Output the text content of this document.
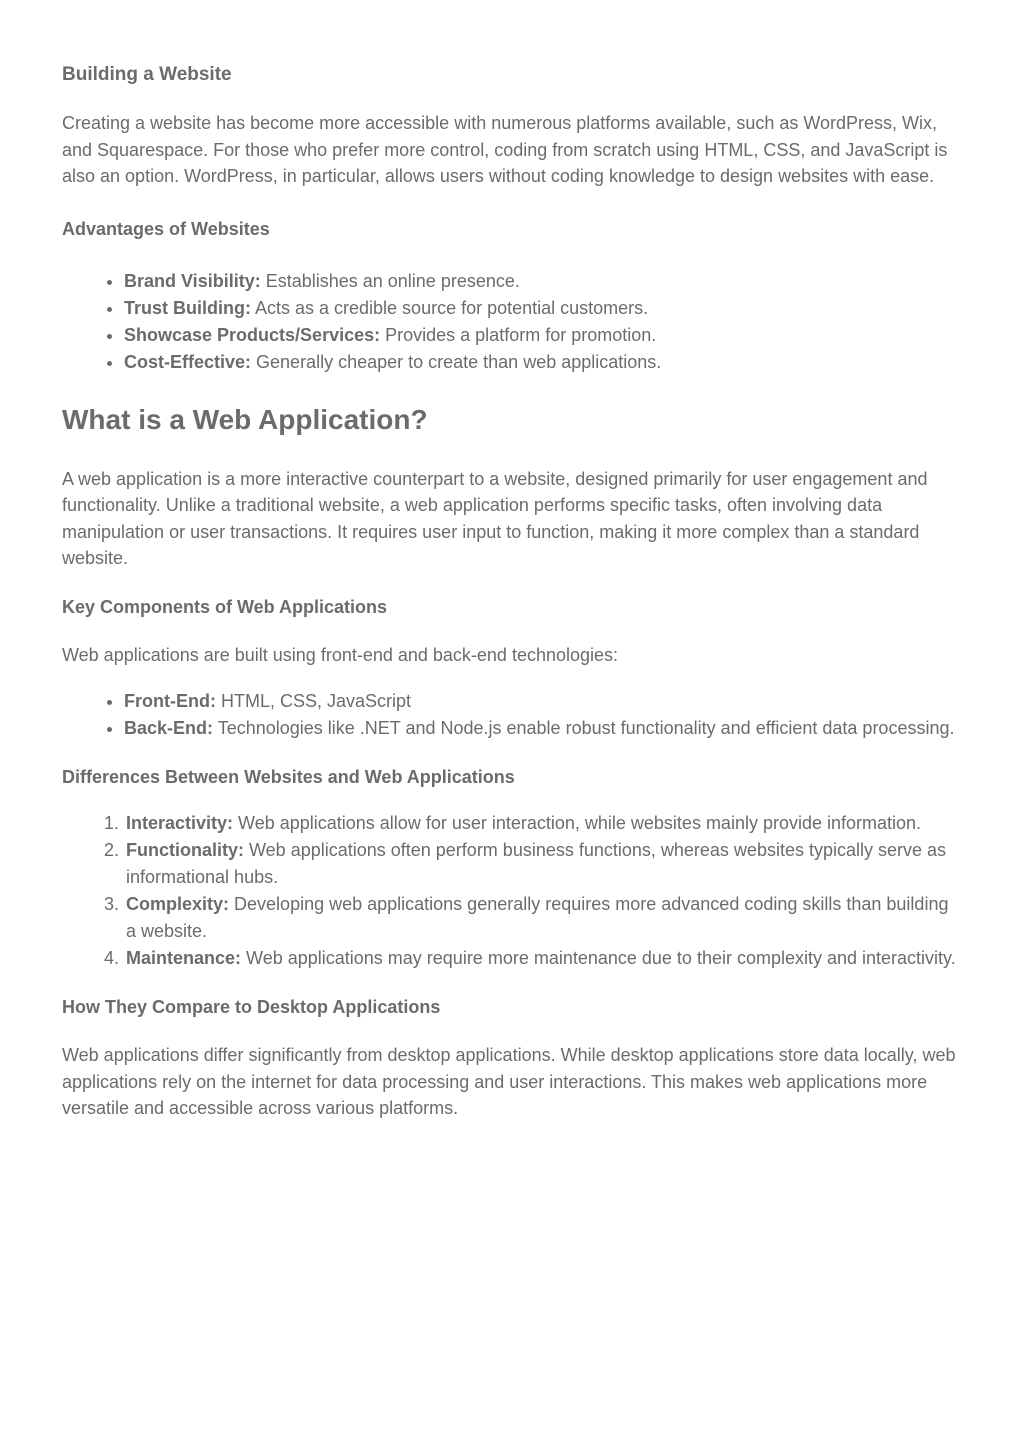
Building a Website

Creating a website has become more accessible with numerous platforms available, such as WordPress, Wix, and Squarespace. For those who prefer more control, coding from scratch using HTML, CSS, and JavaScript is also an option. WordPress, in particular, allows users without coding knowledge to design websites with ease.

Advantages of Websites
• Brand Visibility: Establishes an online presence.
• Trust Building: Acts as a credible source for potential customers.
• Showcase Products/Services: Provides a platform for promotion.
• Cost-Effective: Generally cheaper to create than web applications.
What is a Web Application?

A web application is a more interactive counterpart to a website, designed primarily for user engagement and functionality. Unlike a traditional website, a web application performs specific tasks, often involving data manipulation or user transactions. It requires user input to function, making it more complex than a standard website.

Key Components of Web Applications

Web applications are built using front-end and back-end technologies:

• Front-End: HTML, CSS, JavaScript
• Back-End: Technologies like .NET and Node.js enable robust functionality and efficient data processing.
Differences Between Websites and Web Applications
1. Interactivity: Web applications allow for user interaction, while websites mainly provide information.
2. Functionality: Web applications often perform business functions, whereas websites typically serve as informational hubs.
3. Complexity: Developing web applications generally requires more advanced coding skills than building a website.
4. Maintenance: Web applications may require more maintenance due to their complexity and interactivity.
How They Compare to Desktop Applications

Web applications differ significantly from desktop applications. While desktop applications store data locally, web applications rely on the internet for data processing and user interactions. This makes web applications more versatile and accessible across various platforms.
